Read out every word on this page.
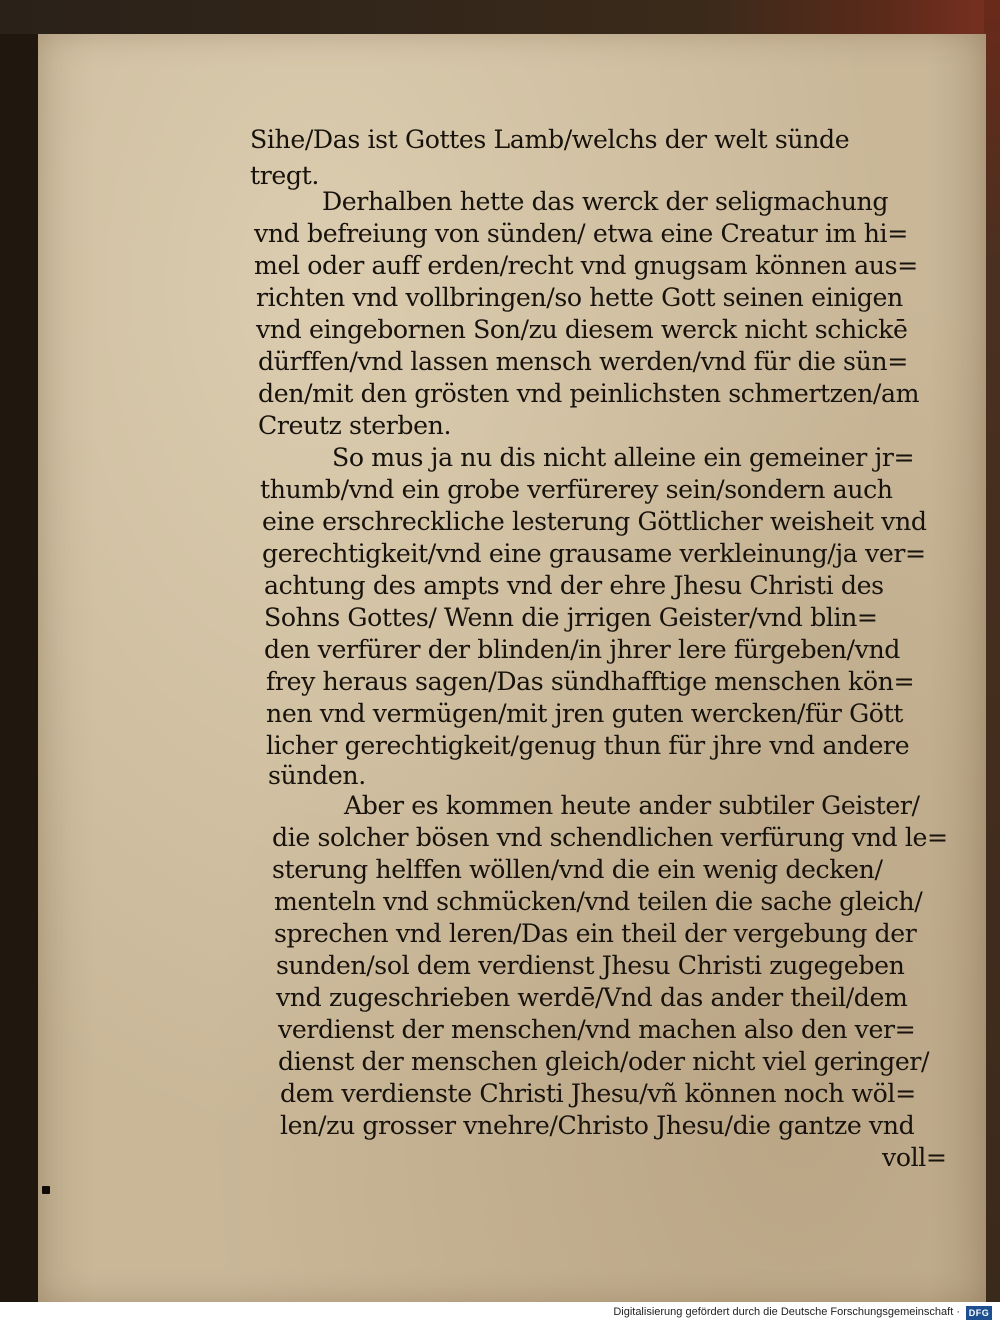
Sihe/Das ist Gottes Lamb/welchs der welt sünde
tregt.
Derhalben hette das werck der seligmachung
vnd befreiung von sünden/ etwa eine Creatur im hi=
mel oder auff erden/recht vnd gnugsam können aus=
richten vnd vollbringen/so hette Gott seinen einigen
vnd eingebornen Son/zu diesem werck nicht schickē
dürffen/vnd lassen mensch werden/vnd für die sün=
den/mit den grösten vnd peinlichsten schmertzen/am
Creutz sterben.
So mus ja nu dis nicht alleine ein gemeiner jr=
thumb/vnd ein grobe verfürerey sein/sondern auch
eine erschreckliche lesterung Göttlicher weisheit vnd
gerechtigkeit/vnd eine grausame verkleinung/ja ver=
achtung des ampts vnd der ehre Jhesu Christi des
Sohns Gottes/ Wenn die jrrigen Geister/vnd blin=
den verfürer der blinden/in jhrer lere fürgeben/vnd
frey heraus sagen/Das sündhafftige menschen kön=
nen vnd vermügen/mit jren guten wercken/für Gött
licher gerechtigkeit/genug thun für jhre vnd andere
sünden.
Aber es kommen heute ander subtiler Geister/
die solcher bösen vnd schendlichen verfürung vnd le=
sterung helffen wöllen/vnd die ein wenig decken/
menteln vnd schmücken/vnd teilen die sache gleich/
sprechen vnd leren/Das ein theil der vergebung der
sunden/sol dem verdienst Jhesu Christi zugegeben
vnd zugeschrieben werdē/Vnd das ander theil/dem
verdienst der menschen/vnd machen also den ver=
dienst der menschen gleich/oder nicht viel geringer/
dem verdienste Christi Jhesu/vñ können noch wöl=
len/zu grosser vnehre/Christo Jhesu/die gantze vnd
voll=
Digitalisierung gefördert durch die Deutsche Forschungsgemeinschaft · DFG
